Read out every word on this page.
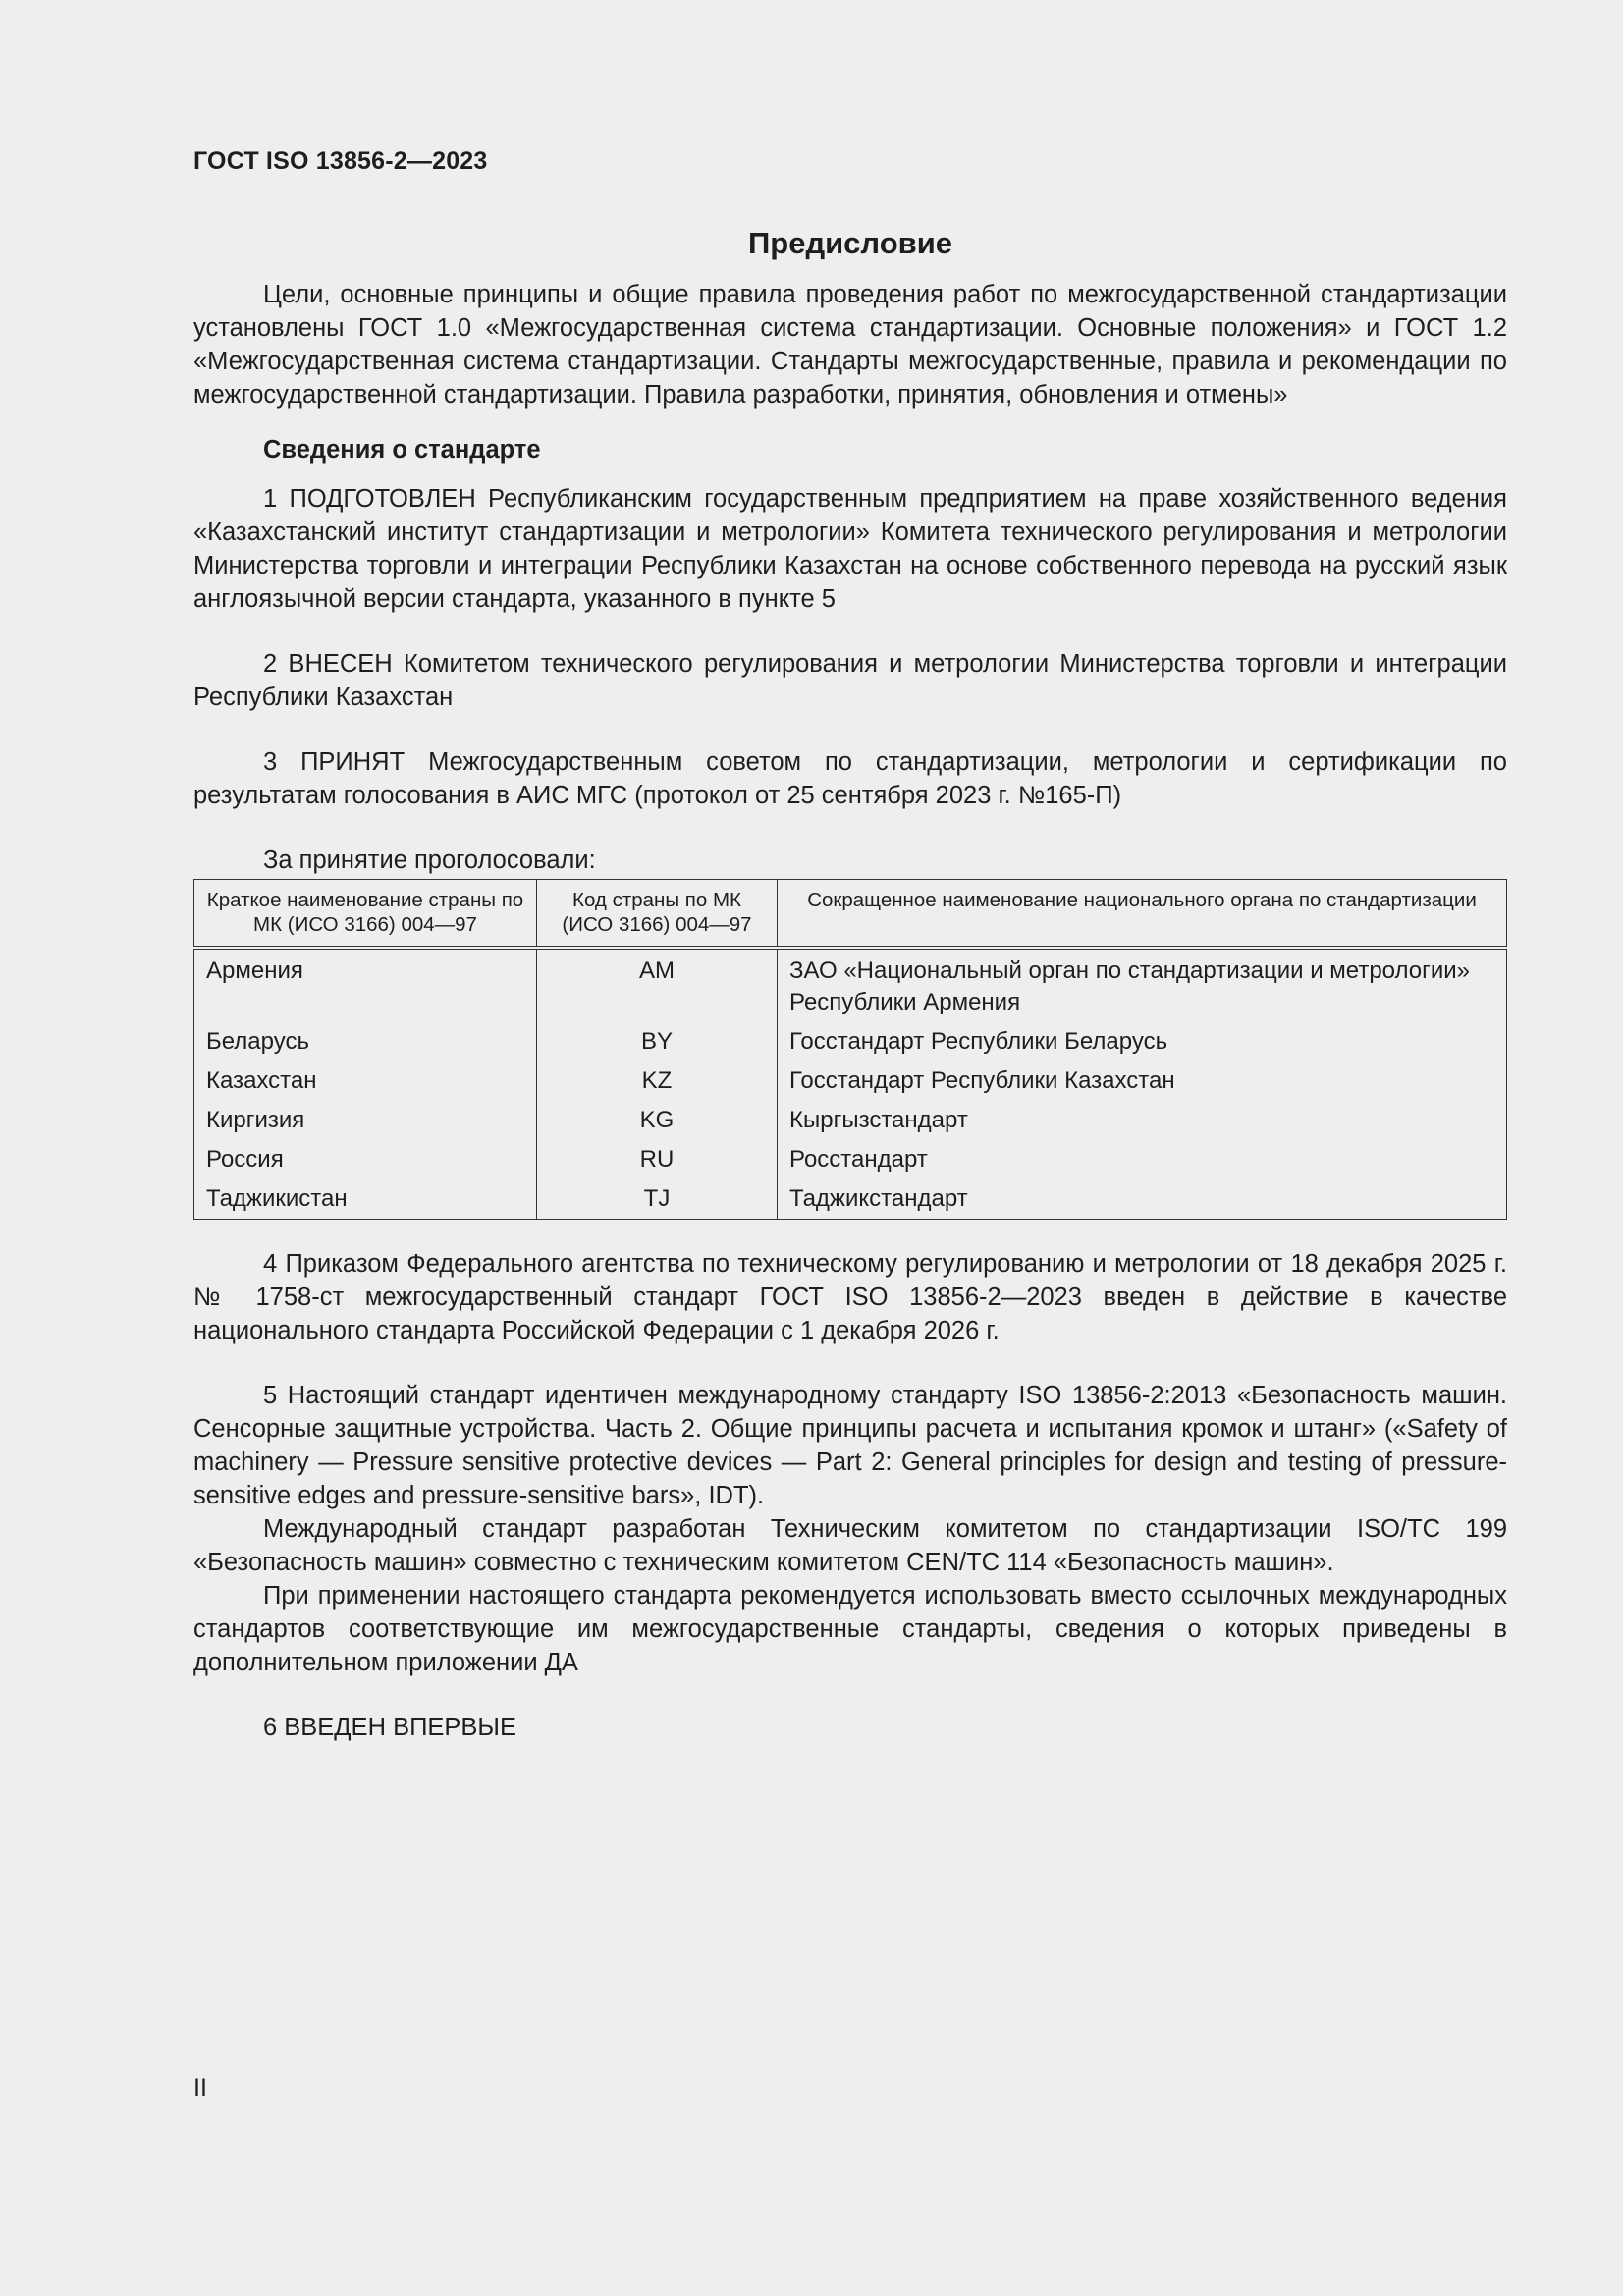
ГОСТ ISO 13856-2—2023
Предисловие

Цели, основные принципы и общие правила проведения работ по межгосударственной стандартизации установлены ГОСТ 1.0 «Межгосударственная система стандартизации. Основные положения» и ГОСТ 1.2 «Межгосударственная система стандартизации. Стандарты межгосударственные, правила и рекомендации по межгосударственной стандартизации. Правила разработки, принятия, обновления и отмены»

Сведения о стандарте

1 ПОДГОТОВЛЕН Республиканским государственным предприятием на праве хозяйственного ведения «Казахстанский институт стандартизации и метрологии» Комитета технического регулирования и метрологии Министерства торговли и интеграции Республики Казахстан на основе собственного перевода на русский язык англоязычной версии стандарта, указанного в пункте 5

2 ВНЕСЕН Комитетом технического регулирования и метрологии Министерства торговли и интеграции Республики Казахстан

3 ПРИНЯТ Межгосударственным советом по стандартизации, метрологии и сертификации по результатам голосования в АИС МГС (протокол от 25 сентября 2023 г. №165-П)

За принятие проголосовали:

Краткое наименование страны по МК (ИСО 3166) 004—97	Код страны по МК (ИСО 3166) 004—97	Сокращенное наименование национального органа по стандартизации
Армения	AM	ЗАО «Национальный орган по стандартизации и метрологии» Республики Армения
Беларусь	BY	Госстандарт Республики Беларусь
Казахстан	KZ	Госстандарт Республики Казахстан
Киргизия	KG	Кыргызстандарт
Россия	RU	Росстандарт
Таджикистан	TJ	Таджикстандарт

4 Приказом Федерального агентства по техническому регулированию и метрологии от 18 декабря 2025 г. № 1758-ст межгосударственный стандарт ГОСТ ISO 13856-2—2023 введен в действие в качестве национального стандарта Российской Федерации с 1 декабря 2026 г.

5 Настоящий стандарт идентичен международному стандарту ISO 13856-2:2013 «Безопасность машин. Сенсорные защитные устройства. Часть 2. Общие принципы расчета и испытания кромок и штанг» («Safety of machinery — Pressure sensitive protective devices — Part 2: General principles for design and testing of pressure-sensitive edges and pressure-sensitive bars», IDT).

Международный стандарт разработан Техническим комитетом по стандартизации ISO/TC 199 «Безопасность машин» совместно с техническим комитетом CEN/TC 114 «Безопасность машин».

При применении настоящего стандарта рекомендуется использовать вместо ссылочных международных стандартов соответствующие им межгосударственные стандарты, сведения о которых приведены в дополнительном приложении ДА

6 ВВЕДЕН ВПЕРВЫЕ

II
